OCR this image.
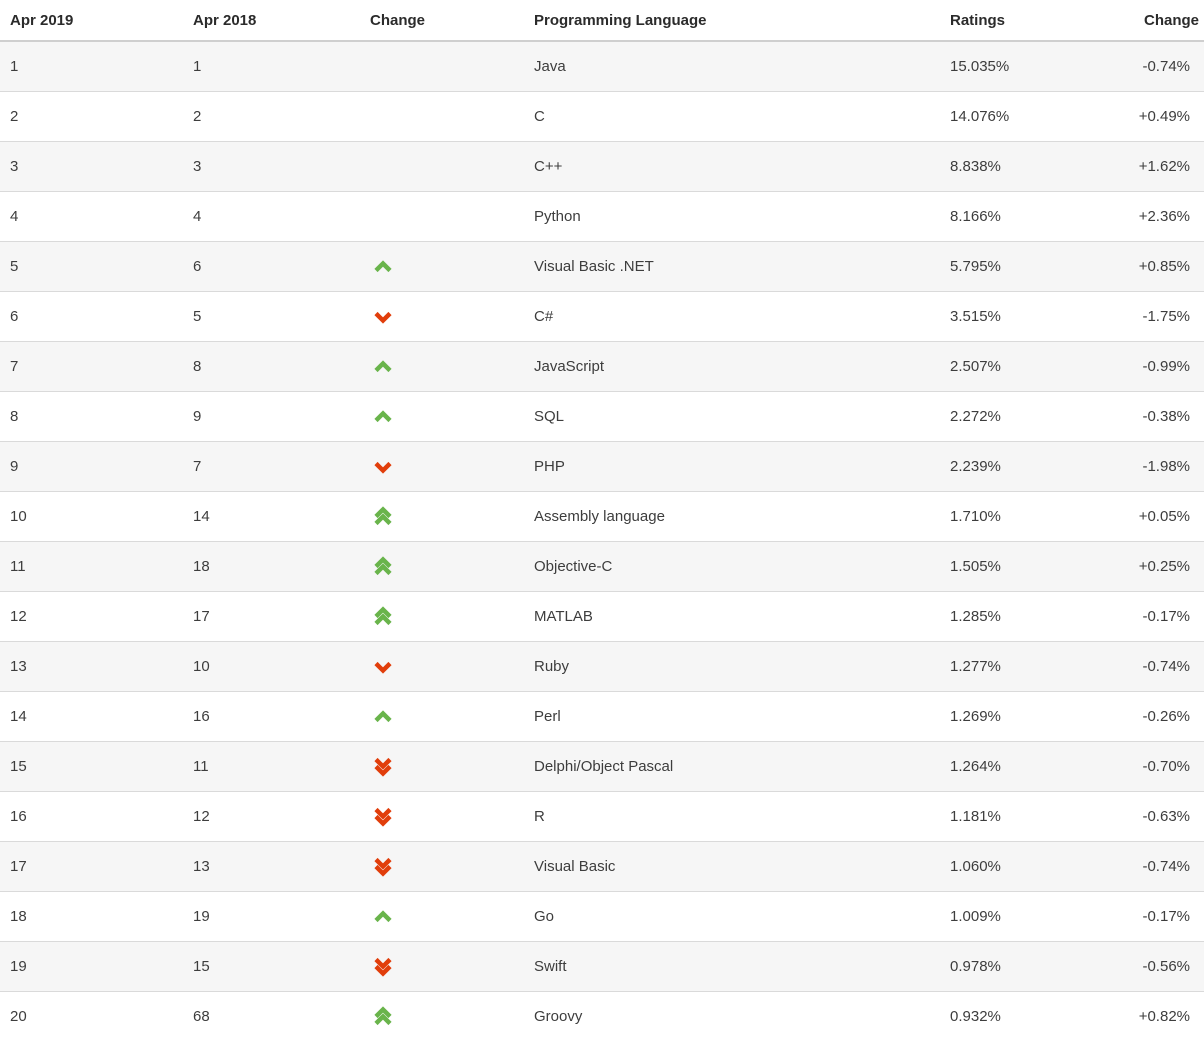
Apr 2019	Apr 2018	Change	Programming Language	Ratings	Change
1	1		Java	15.035%	-0.74%
2	2		C	14.076%	+0.49%
3	3		C++	8.838%	+1.62%
4	4		Python	8.166%	+2.36%
5	6		Visual Basic .NET	5.795%	+0.85%
6	5		C#	3.515%	-1.75%
7	8		JavaScript	2.507%	-0.99%
8	9		SQL	2.272%	-0.38%
9	7		PHP	2.239%	-1.98%
10	14		Assembly language	1.710%	+0.05%
11	18		Objective-C	1.505%	+0.25%
12	17		MATLAB	1.285%	-0.17%
13	10		Ruby	1.277%	-0.74%
14	16		Perl	1.269%	-0.26%
15	11		Delphi/Object Pascal	1.264%	-0.70%
16	12		R	1.181%	-0.63%
17	13		Visual Basic	1.060%	-0.74%
18	19		Go	1.009%	-0.17%
19	15		Swift	0.978%	-0.56%
20	68		Groovy	0.932%	+0.82%
